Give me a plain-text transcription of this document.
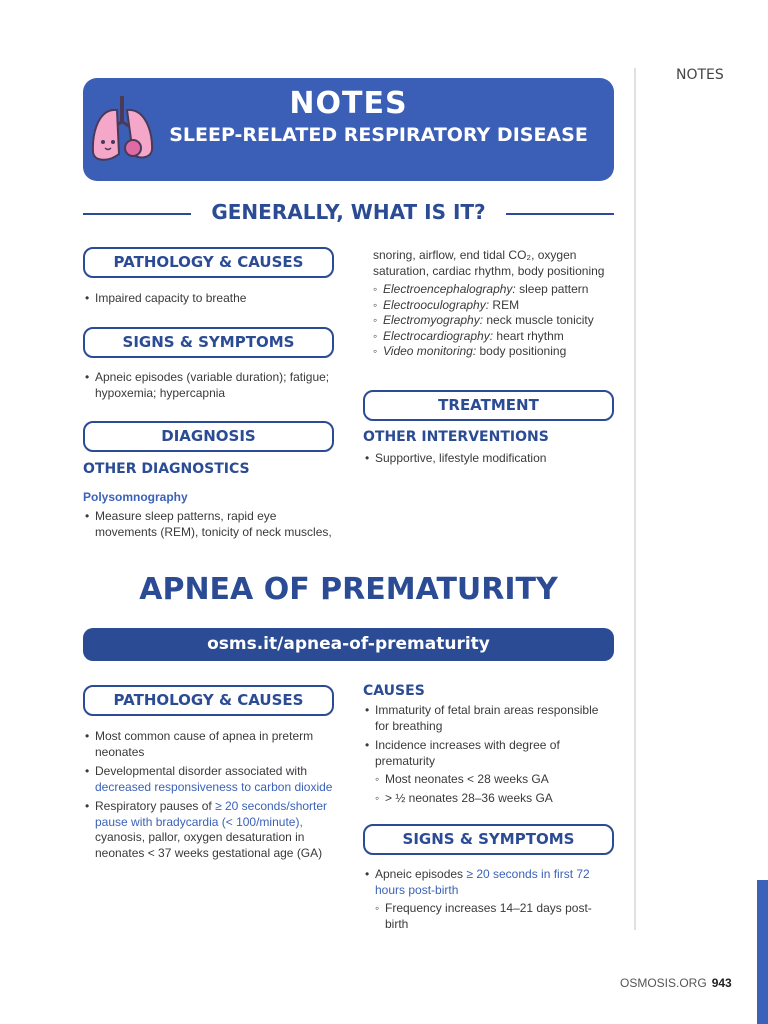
NOTES
OSMOSIS.ORG 943
NOTES
SLEEP-RELATED RESPIRATORY DISEASE
GENERALLY, WHAT IS IT?
PATHOLOGY & CAUSES
• Impaired capacity to breathe
SIGNS & SYMPTOMS
• Apneic episodes (variable duration); fatigue; hypoxemia; hypercapnia
DIAGNOSIS
OTHER DIAGNOSTICS
Polysomnography
• Measure sleep patterns, rapid eye movements (REM), tonicity of neck muscles,
snoring, airflow, end tidal CO₂, oxygen saturation, cardiac rhythm, body positioning
◦ Electroencephalography: sleep pattern
◦ Electrooculography: REM
◦ Electromyography: neck muscle tonicity
◦ Electrocardiography: heart rhythm
◦ Video monitoring: body positioning
TREATMENT
OTHER INTERVENTIONS
• Supportive, lifestyle modification
APNEA OF PREMATURITY
osms.it/apnea-of-prematurity
PATHOLOGY & CAUSES
• Most common cause of apnea in preterm neonates
• Developmental disorder associated with decreased responsiveness to carbon dioxide
• Respiratory pauses of ≥ 20 seconds/shorter pause with bradycardia (< 100/minute), cyanosis, pallor, oxygen desaturation in neonates < 37 weeks gestational age (GA)
CAUSES
• Immaturity of fetal brain areas responsible for breathing
• Incidence increases with degree of prematurity
◦ Most neonates < 28 weeks GA
◦ > ½ neonates 28–36 weeks GA
SIGNS & SYMPTOMS
• Apneic episodes ≥ 20 seconds in first 72 hours post-birth
◦ Frequency increases 14–21 days post-birth
